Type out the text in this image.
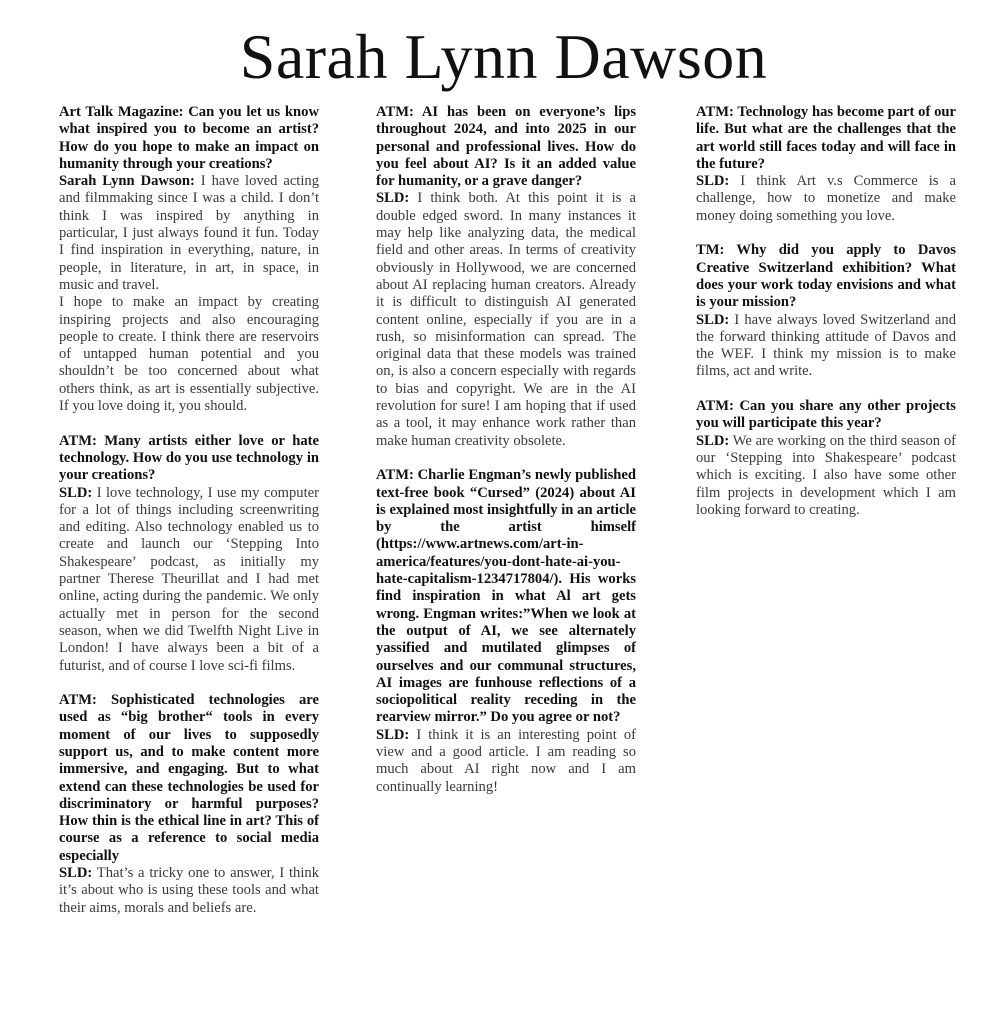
Sarah Lynn Dawson

Art Talk Magazine: Can you let us know what inspired you to become an artist? How do you hope to make an impact on humanity through your creations?

Sarah Lynn Dawson: I have loved acting and filmmaking since I was a child. I don’t think I was inspired by anything in particular, I just always found it fun. Today I find inspiration in everything, nature, in people, in literature, in art, in space, in music and travel.

I hope to make an impact by creating inspiring projects and also encouraging people to create. I think there are reservoirs of untapped human potential and you shouldn’t be too concerned about what others think, as art is essentially subjective. If you love doing it, you should.

ATM: Many artists either love or hate technology. How do you use technology in your creations?

SLD: I love technology, I use my computer for a lot of things including screenwriting and editing. Also technology enabled us to create and launch our ‘Stepping Into Shakespeare’ podcast, as initially my partner Therese Theurillat and I had met online, acting during the pandemic. We only actually met in person for the second season, when we did Twelfth Night Live in London! I have always been a bit of a futurist, and of course I love sci-fi films.

ATM: Sophisticated technologies are used as “big brother“ tools in every moment of our lives to supposedly support us, and to make content more immersive, and engaging. But to what extend can these technologies be used for discriminatory or harmful purposes? How thin is the ethical line in art? This of course as a reference to social media especially

SLD: That’s a tricky one to answer, I think it’s about who is using these tools and what their aims, morals and beliefs are.

ATM: AI has been on everyone’s lips throughout 2024, and into 2025 in our personal and professional lives. How do you feel about AI? Is it an added value for humanity, or a grave danger?

SLD: I think both. At this point it is a double edged sword. In many instances it may help like analyzing data, the medical field and other areas. In terms of creativity obviously in Hollywood, we are concerned about AI replacing human creators. Already it is difficult to distinguish AI generated content online, especially if you are in a rush, so misinformation can spread. The original data that these models was trained on, is also a concern especially with regards to bias and copyright. We are in the AI revolution for sure! I am hoping that if used as a tool, it may enhance work rather than make human creativity obsolete.

ATM: Charlie Engman’s newly published text-free book “Cursed” (2024) about AI is explained most insightfully in an article by the artist himself (https://www.artnews.com/art-in-america/features/you-dont-hate-ai-you-hate-capitalism-1234717804/). His works find inspiration in what Al art gets wrong. Engman writes:”When we look at the output of AI, we see alternately yassified and mutilated glimpses of ourselves and our communal structures, AI images are funhouse reflections of a sociopolitical reality receding in the rearview mirror.” Do you agree or not?

SLD: I think it is an interesting point of view and a good article. I am reading so much about AI right now and I am continually learning!

ATM: Technology has become part of our life. But what are the challenges that the art world still faces today and will face in the future?

SLD: I think Art v.s Commerce is a challenge, how to monetize and make money doing something you love.

TM: Why did you apply to Davos Creative Switzerland exhibition? What does your work today envisions and what is your mission?

SLD: I have always loved Switzerland and the forward thinking attitude of Davos and the WEF. I think my mission is to make films, act and write.

ATM: Can you share any other projects you will participate this year?

SLD: We are working on the third season of our ‘Stepping into Shakespeare’ podcast which is exciting. I also have some other film projects in development which I am looking forward to creating.
